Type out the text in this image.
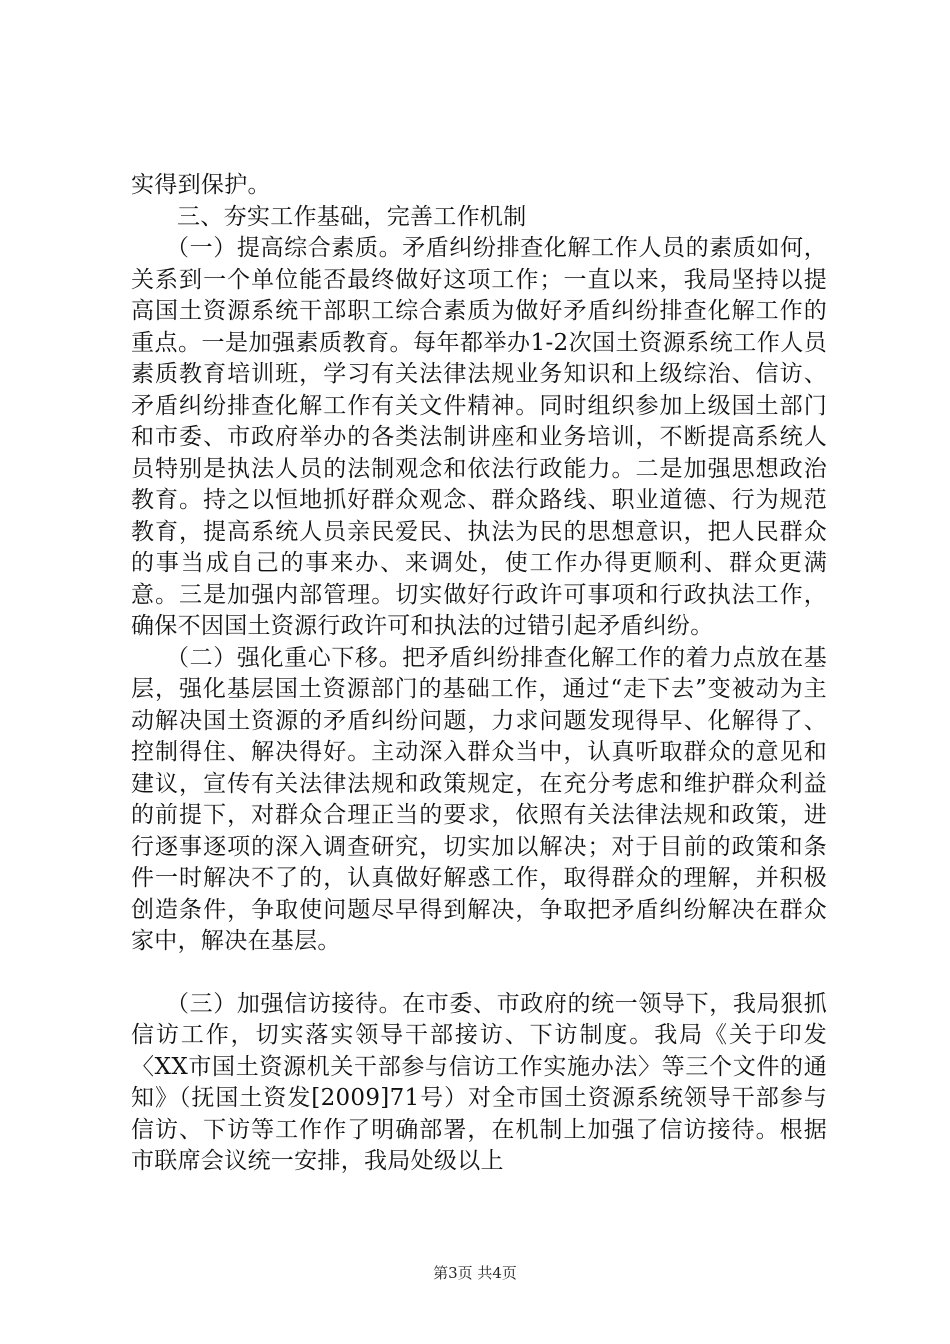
实得到保护。

三、夯实工作基础，完善工作机制

（一）提高综合素质。矛盾纠纷排查化解工作人员的素质如何，关系到一个单位能否最终做好这项工作；一直以来，我局坚持以提高国土资源系统干部职工综合素质为做好矛盾纠纷排查化解工作的重点。一是加强素质教育。每年都举办1-2次国土资源系统工作人员素质教育培训班，学习有关法律法规业务知识和上级综治、信访、矛盾纠纷排查化解工作有关文件精神。同时组织参加上级国土部门和市委、市政府举办的各类法制讲座和业务培训，不断提高系统人员特别是执法人员的法制观念和依法行政能力。二是加强思想政治教育。持之以恒地抓好群众观念、群众路线、职业道德、行为规范教育，提高系统人员亲民爱民、执法为民的思想意识，把人民群众的事当成自己的事来办、来调处，使工作办得更顺利、群众更满意。三是加强内部管理。切实做好行政许可事项和行政执法工作，确保不因国土资源行政许可和执法的过错引起矛盾纠纷。

（二）强化重心下移。把矛盾纠纷排查化解工作的着力点放在基层，强化基层国土资源部门的基础工作，通过“走下去”变被动为主动解决国土资源的矛盾纠纷问题，力求问题发现得早、化解得了、控制得住、解决得好。主动深入群众当中，认真听取群众的意见和建议，宣传有关法律法规和政策规定，在充分考虑和维护群众利益的前提下，对群众合理正当的要求，依照有关法律法规和政策，进行逐事逐项的深入调查研究，切实加以解决；对于目前的政策和条件一时解决不了的，认真做好解惑工作，取得群众的理解，并积极创造条件，争取使问题尽早得到解决，争取把矛盾纠纷解决在群众家中，解决在基层。

（三）加强信访接待。在市委、市政府的统一领导下，我局狠抓信访工作，切实落实领导干部接访、下访制度。我局《关于印发〈XX市国土资源机关干部参与信访工作实施办法〉等三个文件的通知》（抚国土资发[2009]71号）对全市国土资源系统领导干部参与信访、下访等工作作了明确部署，在机制上加强了信访接待。根据市联席会议统一安排，我局处级以上

第3页 共4页
